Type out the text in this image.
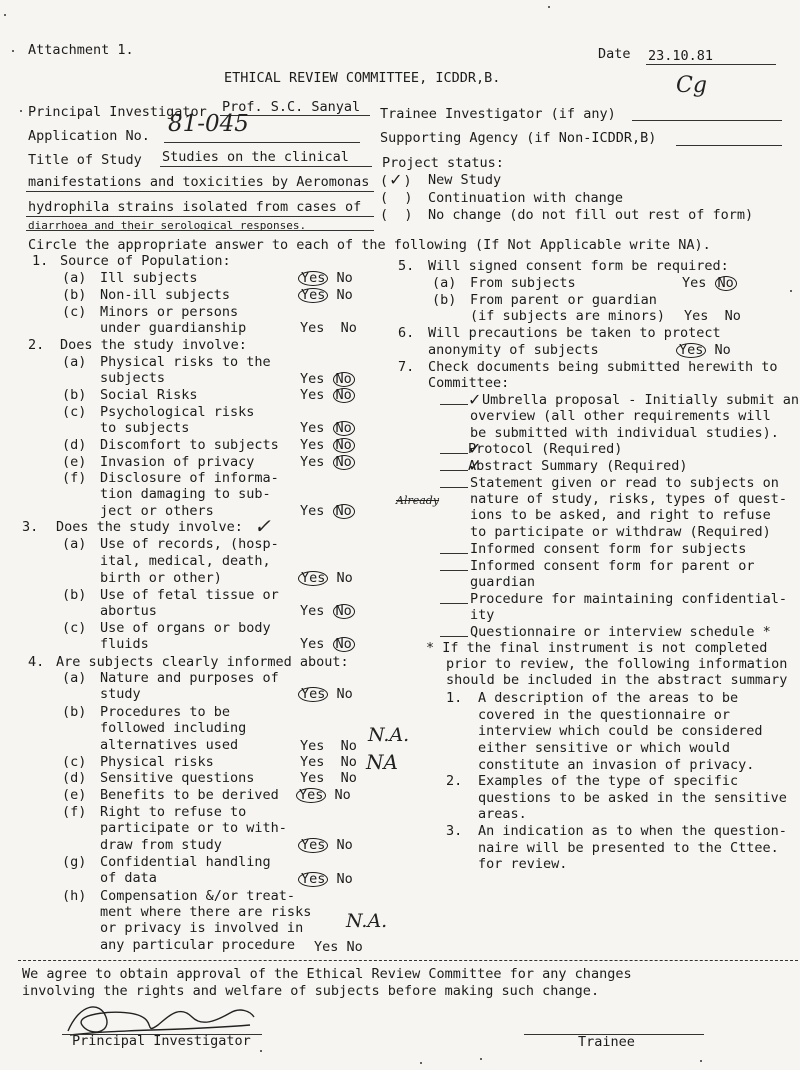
Attachment 1.	Date 23.10.81
ETHICAL REVIEW COMMITTEE, ICDDR,B.	Cg
Principal Investigator Prof. S.C. Sanyal Trainee Investigator (if any)
Application No. 81-045
Supporting Agency (if Non-ICDDR,B)
Title of Study Studies on the clinical
manifestations and toxicities by Aeromonas
hydrophila strains isolated from cases of
diarrhoea and their serological responses.
Project status:
(✓ ) New Study
(  ) Continuation with change
(  ) No change (do not fill out rest of form)
Circle the appropriate answer to each of the following (If Not Applicable write NA).
1. Source of Population:
(a) Ill subjects	Yes No
(b) Non-ill subjects	Yes No
(c) Minors or persons
under guardianship	Yes No
2. Does the study involve:
(a) Physical risks to the
subjects	Yes No
(b) Social Risks	Yes No
(c) Psychological risks
to subjects	Yes No
(d) Discomfort to subjects Yes No
(e) Invasion of privacy	Yes No
(f) Disclosure of informa-
tion damaging to sub-
ject or others	Yes No
3. Does the study involve: ✓
(a) Use of records, (hosp-
ital, medical, death,
birth or other)	Yes No
(b) Use of fetal tissue or
abortus	Yes No
(c) Use of organs or body
fluids	Yes No
4. Are subjects clearly informed about:
(a) Nature and purposes of
study	Yes No
(b) Procedures to be
followed including
alternatives used	Yes No N.A.
(c) Physical risks	Yes No NA
(d) Sensitive questions	Yes No
(e) Benefits to be derived Yes No
(f) Right to refuse to
participate or to with-
draw from study	Yes No
(g) Confidential handling
of data	Yes No
(h) Compensation &/or treat-
ment where there are risks
or privacy is involved in
any particular procedure Yes No
N.A.
5. Will signed consent form be required:
(a) From subjects	Yes No
(b) From parent or guardian
(if subjects are minors) Yes No
6. Will precautions be taken to protect
anonymity of subjects	Yes No
7. Check documents being submitted herewith to
Committee:
✓
Umbrella proposal - Initially submit an
overview (all other requirements will
be submitted with individual studies).
✓
Protocol (Required)
✓
Abstract Summary (Required)
Statement given or read to subjects on
nature of study, risks, types of quest-
Already
ions to be asked, and right to refuse
to participate or withdraw (Required)
Informed consent form for subjects
Informed consent form for parent or
guardian
Procedure for maintaining confidential-
ity
Questionnaire or interview schedule *
* If the final instrument is not completed
prior to review, the following information
should be included in the abstract summary
1. A description of the areas to be
covered in the questionnaire or
interview which could be considered
either sensitive or which would
constitute an invasion of privacy.
2. Examples of the type of specific
questions to be asked in the sensitive
areas.
3. An indication as to when the question-
naire will be presented to the Cttee.
for review.
We agree to obtain approval of the Ethical Review Committee for any changes
involving the rights and welfare of subjects before making such change.
Principal Investigator	Trainee
